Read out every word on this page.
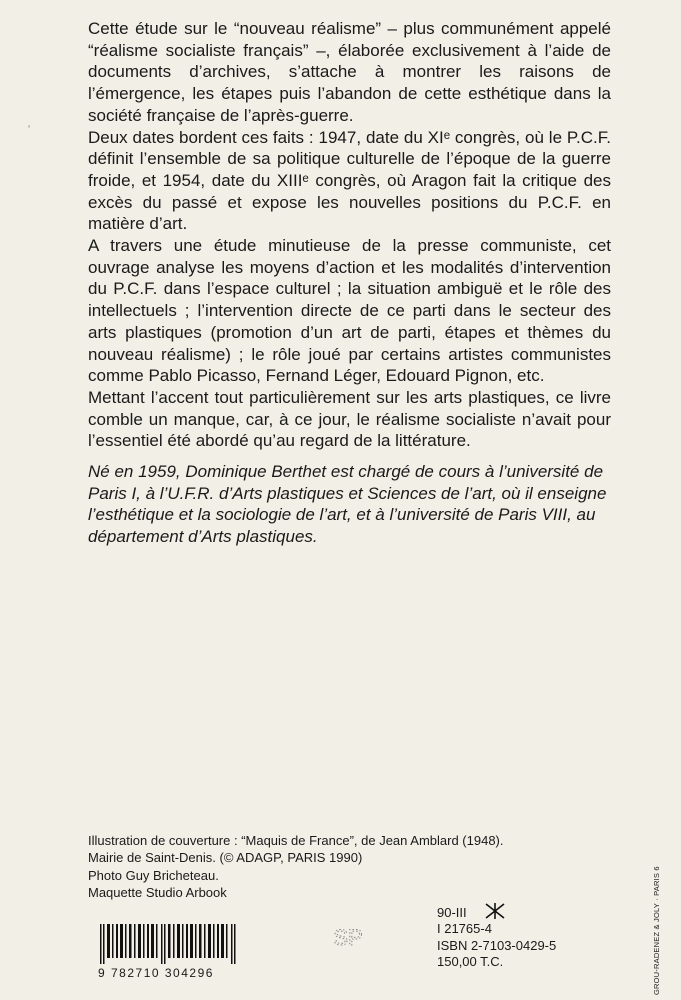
Cette étude sur le “nouveau réalisme” – plus communément appelé “réalisme socialiste français” –, élaborée exclusivement à l’aide de documents d’archives, s’attache à montrer les raisons de l’émergence, les étapes puis l’abandon de cette esthétique dans la société française de l’après-guerre.

Deux dates bordent ces faits : 1947, date du XIᵉ congrès, où le P.C.F. définit l’ensemble de sa politique culturelle de l’époque de la guerre froide, et 1954, date du XIIIᵉ congrès, où Aragon fait la critique des excès du passé et expose les nouvelles positions du P.C.F. en matière d’art.

A travers une étude minutieuse de la presse communiste, cet ouvrage analyse les moyens d’action et les modalités d’intervention du P.C.F. dans l’espace culturel ; la situation ambiguë et le rôle des intellectuels ; l’intervention directe de ce parti dans le secteur des arts plastiques (promotion d’un art de parti, étapes et thèmes du nouveau réalisme) ; le rôle joué par certains artistes communistes comme Pablo Picasso, Fernand Léger, Edouard Pignon, etc.

Mettant l’accent tout particulièrement sur les arts plastiques, ce livre comble un manque, car, à ce jour, le réalisme socialiste n’avait pour l’essentiel été abordé qu’au regard de la littérature.

‘

Né en 1959, Dominique Berthet est chargé de cours à l’université de Paris I, à l’U.F.R. d’Arts plastiques et Sciences de l’art, où il enseigne l’esthétique et la sociologie de l’art, et à l’université de Paris VIII, au département d’Arts plastiques.

Illustration de couverture : “Maquis de France”, de Jean Amblard (1948).
Mairie de Saint-Denis. (© ADAGP, PARIS 1990)
Photo Guy Bricheteau.
Maquette Studio Arbook
9 782710 304296
SP
90-III
I 21765-4
ISBN 2-7103-0429-5
150,00 T.C.	GROU-RADENEZ & JOLY · PARIS 6
